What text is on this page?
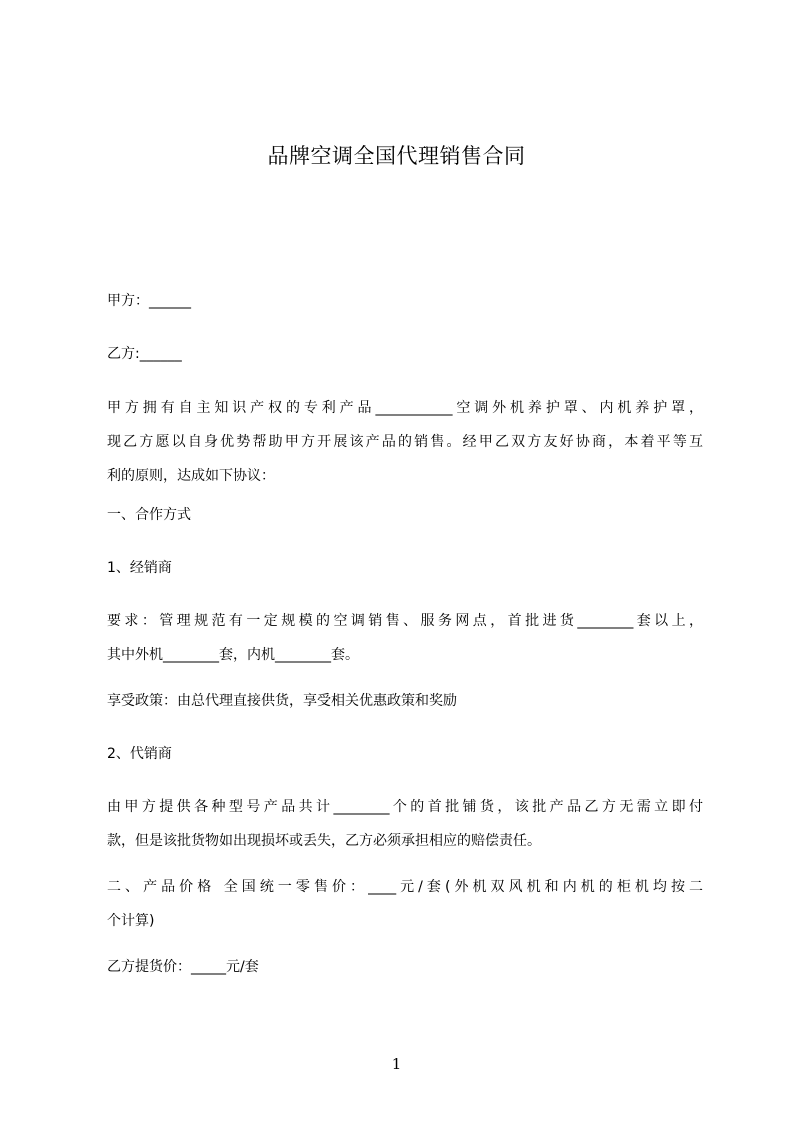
品牌空调全国代理销售合同
甲方：______
乙方:______
甲方拥有自主知识产权的专利产品___________空调外机养护罩、内机养护罩，
现乙方愿以自身优势帮助甲方开展该产品的销售。经甲乙双方友好协商，本着平等互
利的原则，达成如下协议：
一、合作方式
1、经销商
要求：管理规范有一定规模的空调销售、服务网点，首批进货________套以上，
其中外机________套，内机________套。
享受政策：由总代理直接供货，享受相关优惠政策和奖励
2、代销商
由甲方提供各种型号产品共计________个的首批铺货，该批产品乙方无需立即付
款，但是该批货物如出现损坏或丢失，乙方必须承担相应的赔偿责任。
二、产品价格 全国统一零售价：____元/套(外机双风机和内机的柜机均按二
个计算)
乙方提货价：_____元/套
1
